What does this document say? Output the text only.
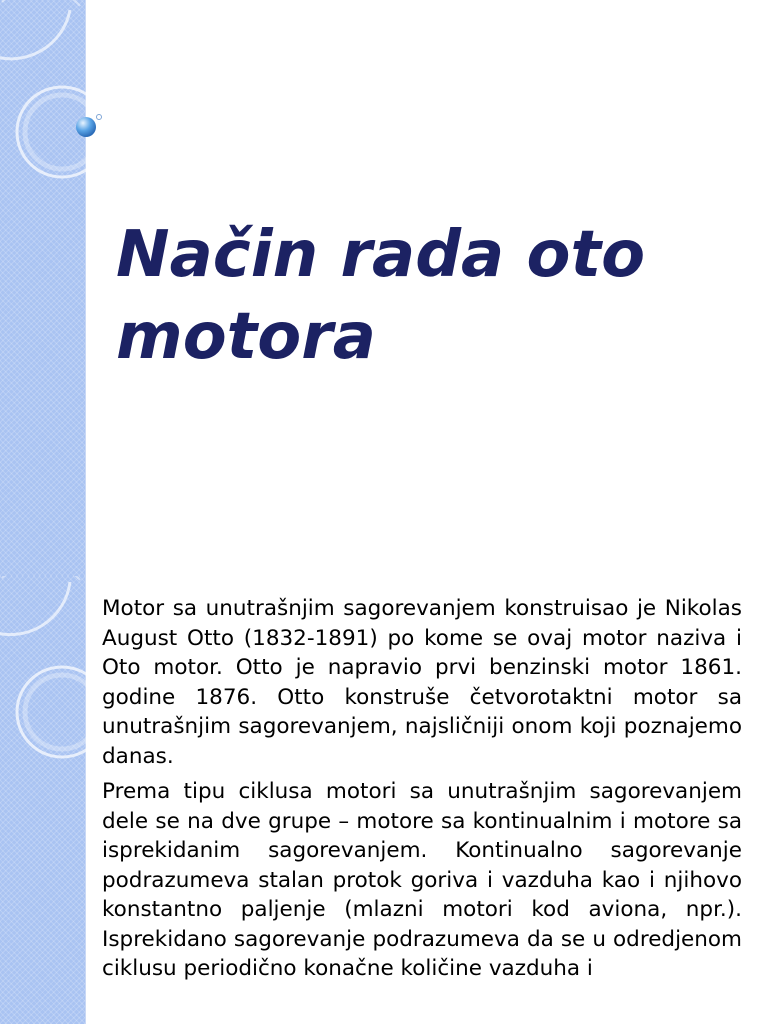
Način rada oto motora

Motor sa unutrašnjim sagorevanjem konstruisao je Nikolas August Otto (1832-1891) po kome se ovaj motor naziva i Oto motor. Otto je napravio prvi benzinski motor 1861. godine 1876. Otto konstruše četvorotaktni motor sa unutrašnjim sagorevanjem, najsličniji onom koji poznajemo danas.

Prema tipu ciklusa motori sa unutrašnjim sagorevanjem dele se na dve grupe – motore sa kontinualnim i motore sa isprekidanim sagorevanjem. Kontinualno sagorevanje podrazumeva stalan protok goriva i vazduha kao i njihovo konstantno paljenje (mlazni motori kod aviona, npr.). Isprekidano sagorevanje podrazumeva da se u odredjenom ciklusu periodično konačne količine vazduha i
